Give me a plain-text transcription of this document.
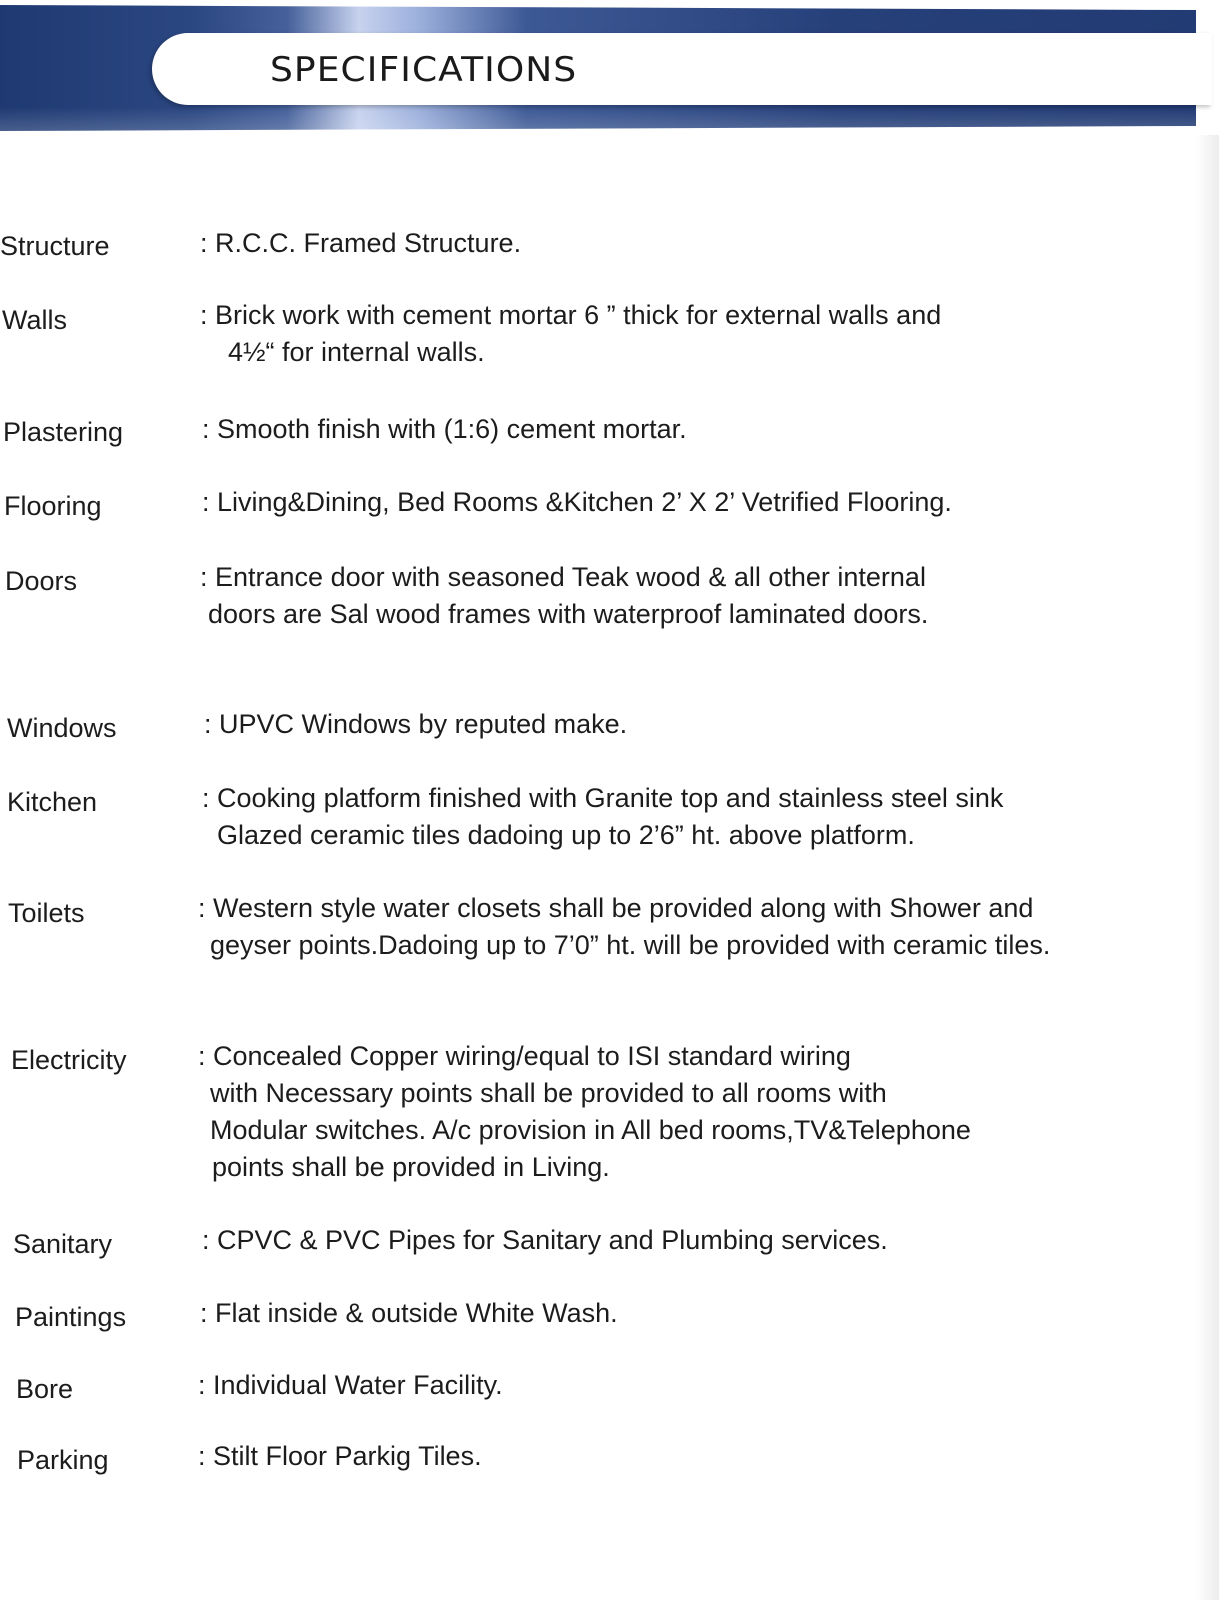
SPECIFICATIONS
Structure	: R.C.C. Framed Structure.
Walls	: Brick work with cement mortar 6 ” thick for external walls and
4½“ for internal walls.
Plastering	: Smooth finish with (1:6) cement mortar.
Flooring	: Living&Dining, Bed Rooms &Kitchen 2’ X 2’ Vetrified Flooring.
Doors	: Entrance door with seasoned Teak wood & all other internal
doors are Sal wood frames with waterproof laminated doors.
Windows	: UPVC Windows by reputed make.
Kitchen	: Cooking platform finished with Granite top and stainless steel sink
Glazed ceramic tiles dadoing up to 2’6” ht. above platform.
Toilets	: Western style water closets shall be provided along with Shower and
geyser points.Dadoing up to 7’0” ht. will be provided with ceramic tiles.
Electricity	: Concealed Copper wiring/equal to ISI standard wiring
with Necessary points shall be provided to all rooms with
Modular switches. A/c provision in All bed rooms,TV&Telephone
points shall be provided in Living.
Sanitary	: CPVC & PVC Pipes for Sanitary and Plumbing services.
Paintings	: Flat inside & outside White Wash.
Bore	: Individual Water Facility.
Parking	: Stilt Floor Parkig Tiles.
